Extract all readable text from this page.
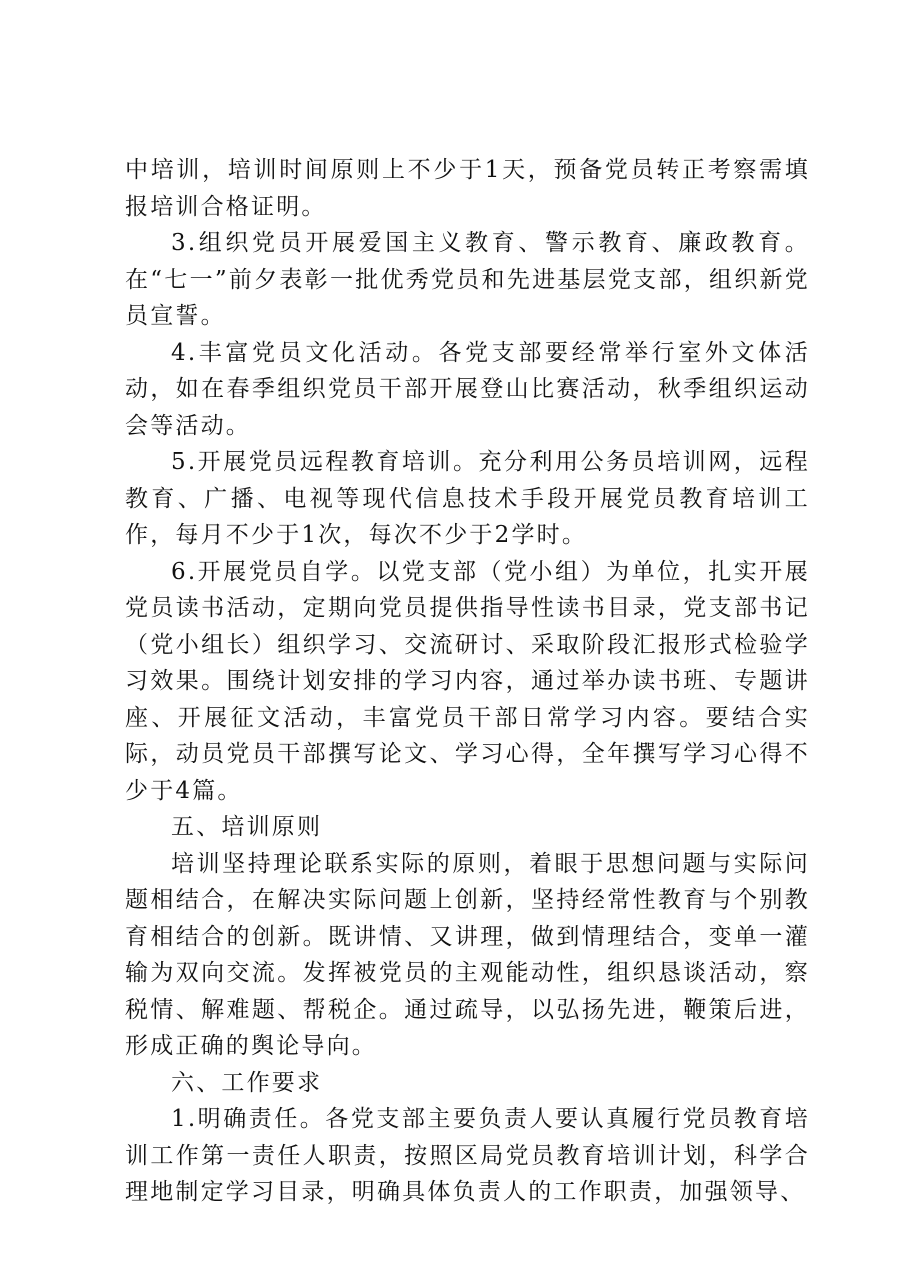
中培训，培训时间原则上不少于1天，预备党员转正考察需填报培训合格证明。

3.组织党员开展爱国主义教育、警示教育、廉政教育。在“七一”前夕表彰一批优秀党员和先进基层党支部，组织新党员宣誓。

4.丰富党员文化活动。各党支部要经常举行室外文体活动，如在春季组织党员干部开展登山比赛活动，秋季组织运动会等活动。

5.开展党员远程教育培训。充分利用公务员培训网，远程教育、广播、电视等现代信息技术手段开展党员教育培训工作，每月不少于1次，每次不少于2学时。

6.开展党员自学。以党支部（党小组）为单位，扎实开展党员读书活动，定期向党员提供指导性读书目录，党支部书记（党小组长）组织学习、交流研讨、采取阶段汇报形式检验学习效果。围绕计划安排的学习内容，通过举办读书班、专题讲座、开展征文活动，丰富党员干部日常学习内容。要结合实际，动员党员干部撰写论文、学习心得，全年撰写学习心得不少于4篇。

五、培训原则

培训坚持理论联系实际的原则，着眼于思想问题与实际问题相结合，在解决实际问题上创新，坚持经常性教育与个别教育相结合的创新。既讲情、又讲理，做到情理结合，变单一灌输为双向交流。发挥被党员的主观能动性，组织恳谈活动，察税情、解难题、帮税企。通过疏导，以弘扬先进，鞭策后进，形成正确的舆论导向。

六、工作要求

1.明确责任。各党支部主要负责人要认真履行党员教育培训工作第一责任人职责，按照区局党员教育培训计划，科学合理地制定学习目录，明确具体负责人的工作职责，加强领导、
